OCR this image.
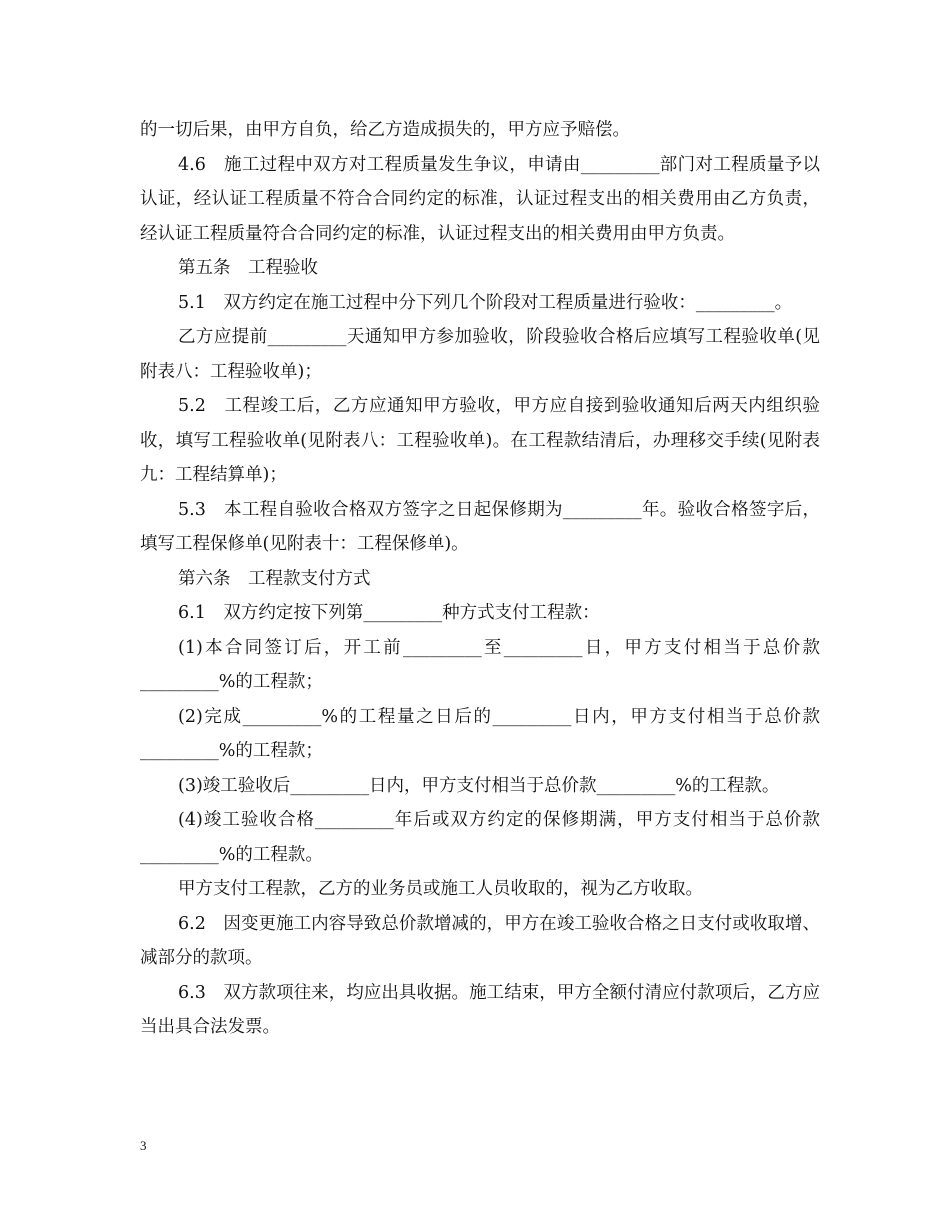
的一切后果，由甲方自负，给乙方造成损失的，甲方应予赔偿。

4.6　施工过程中双方对工程质量发生争议，申请由_________部门对工程质量予以认证，经认证工程质量不符合合同约定的标准，认证过程支出的相关费用由乙方负责，经认证工程质量符合合同约定的标准，认证过程支出的相关费用由甲方负责。

第五条　工程验收

5.1　双方约定在施工过程中分下列几个阶段对工程质量进行验收：_________。

乙方应提前_________天通知甲方参加验收，阶段验收合格后应填写工程验收单(见附表八：工程验收单)；

5.2　工程竣工后，乙方应通知甲方验收，甲方应自接到验收通知后两天内组织验收，填写工程验收单(见附表八：工程验收单)。在工程款结清后，办理移交手续(见附表九：工程结算单)；

5.3　本工程自验收合格双方签字之日起保修期为_________年。验收合格签字后，填写工程保修单(见附表十：工程保修单)。

第六条　工程款支付方式

6.1　双方约定按下列第_________种方式支付工程款：

(1)本合同签订后，开工前_________至_________日，甲方支付相当于总价款_________%的工程款；

(2)完成_________%的工程量之日后的_________日内，甲方支付相当于总价款_________%的工程款；

(3)竣工验收后_________日内，甲方支付相当于总价款_________%的工程款。

(4)竣工验收合格_________年后或双方约定的保修期满，甲方支付相当于总价款_________%的工程款。

甲方支付工程款，乙方的业务员或施工人员收取的，视为乙方收取。

6.2　因变更施工内容导致总价款增减的，甲方在竣工验收合格之日支付或收取增、减部分的款项。

6.3　双方款项往来，均应出具收据。施工结束，甲方全额付清应付款项后，乙方应当出具合法发票。

3
